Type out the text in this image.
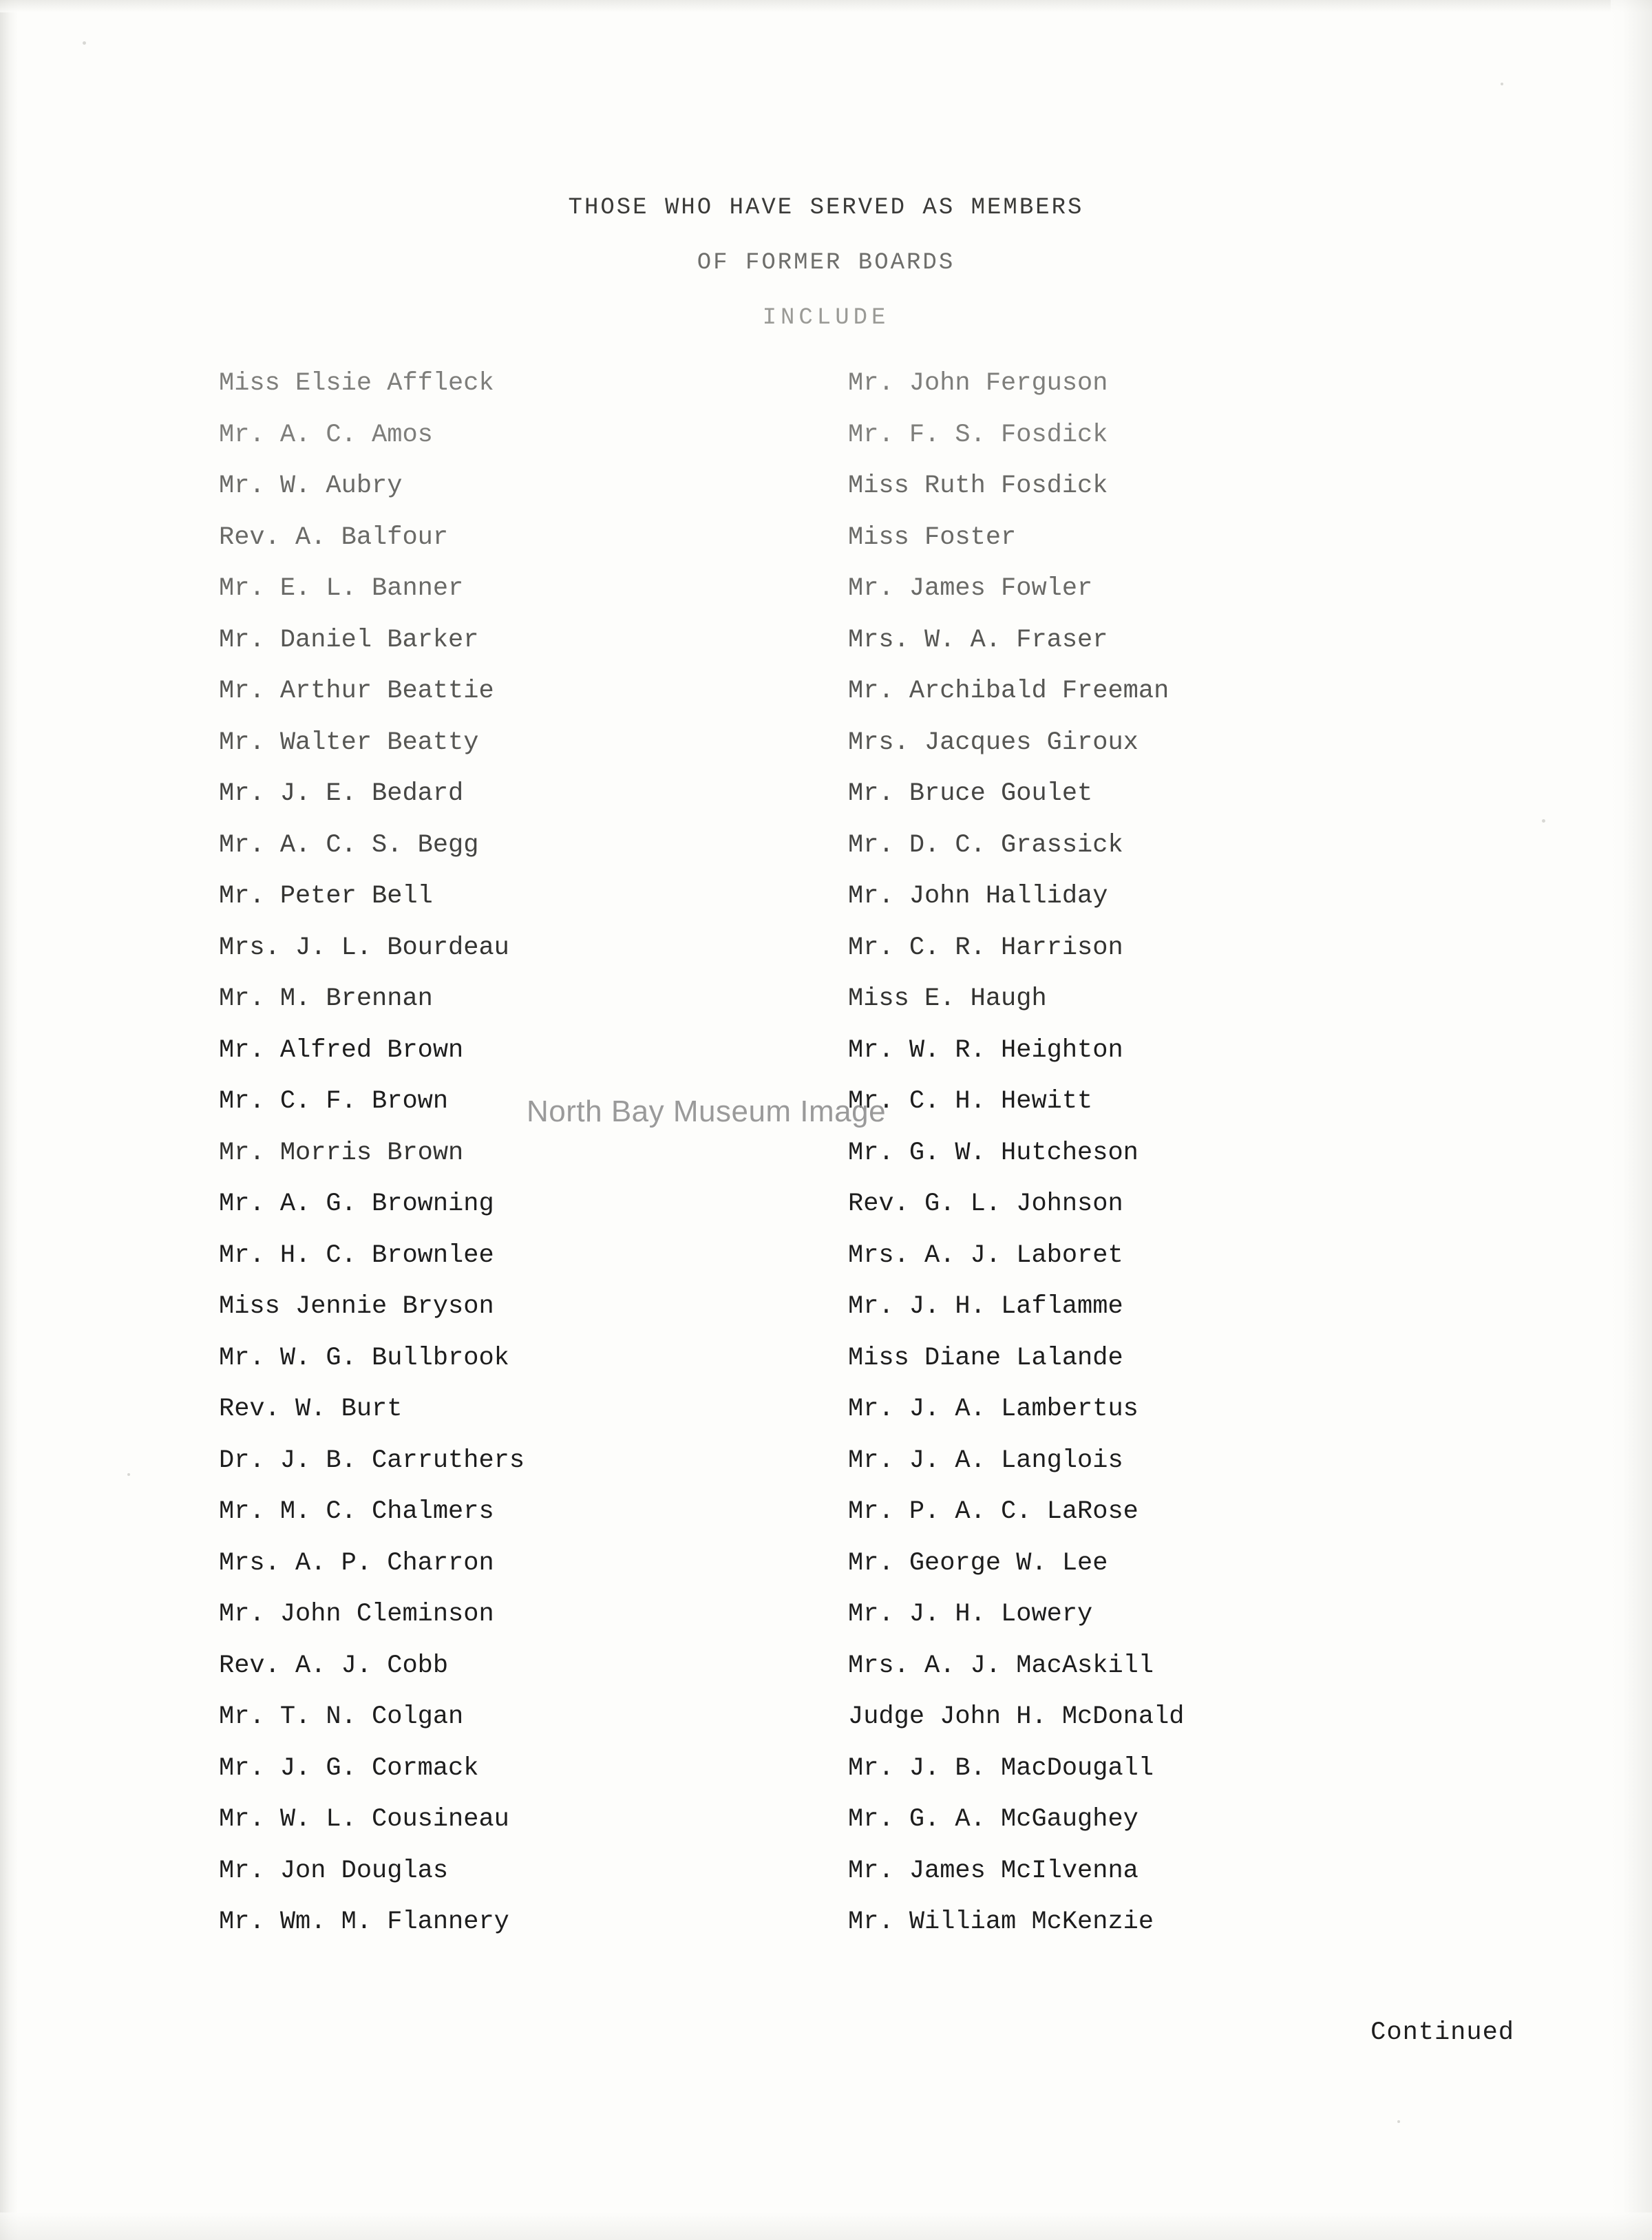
THOSE WHO HAVE SERVED AS MEMBERS
OF FORMER BOARDS
INCLUDE
Miss Elsie Affleck
Mr. A. C. Amos
Mr. W. Aubry
Rev. A. Balfour
Mr. E. L. Banner
Mr. Daniel Barker
Mr. Arthur Beattie
Mr. Walter Beatty
Mr. J. E. Bedard
Mr. A. C. S. Begg
Mr. Peter Bell
Mrs. J. L. Bourdeau
Mr. M. Brennan
Mr. Alfred Brown
Mr. C. F. Brown
Mr. Morris Brown
Mr. A. G. Browning
Mr. H. C. Brownlee
Miss Jennie Bryson
Mr. W. G. Bullbrook
Rev. W. Burt
Dr. J. B. Carruthers
Mr. M. C. Chalmers
Mrs. A. P. Charron
Mr. John Cleminson
Rev. A. J. Cobb
Mr. T. N. Colgan
Mr. J. G. Cormack
Mr. W. L. Cousineau
Mr. Jon Douglas
Mr. Wm. M. Flannery
Mr. John Ferguson
Mr. F. S. Fosdick
Miss Ruth Fosdick
Miss Foster
Mr. James Fowler
Mrs. W. A. Fraser
Mr. Archibald Freeman
Mrs. Jacques Giroux
Mr. Bruce Goulet
Mr. D. C. Grassick
Mr. John Halliday
Mr. C. R. Harrison
Miss E. Haugh
Mr. W. R. Heighton
Mr. C. H. Hewitt
Mr. G. W. Hutcheson
Rev. G. L. Johnson
Mrs. A. J. Laboret
Mr. J. H. Laflamme
Miss Diane Lalande
Mr. J. A. Lambertus
Mr. J. A. Langlois
Mr. P. A. C. LaRose
Mr. George W. Lee
Mr. J. H. Lowery
Mrs. A. J. MacAskill
Judge John H. McDonald
Mr. J. B. MacDougall
Mr. G. A. McGaughey
Mr. James McIlvenna
Mr. William McKenzie
Continued
North Bay Museum Image
